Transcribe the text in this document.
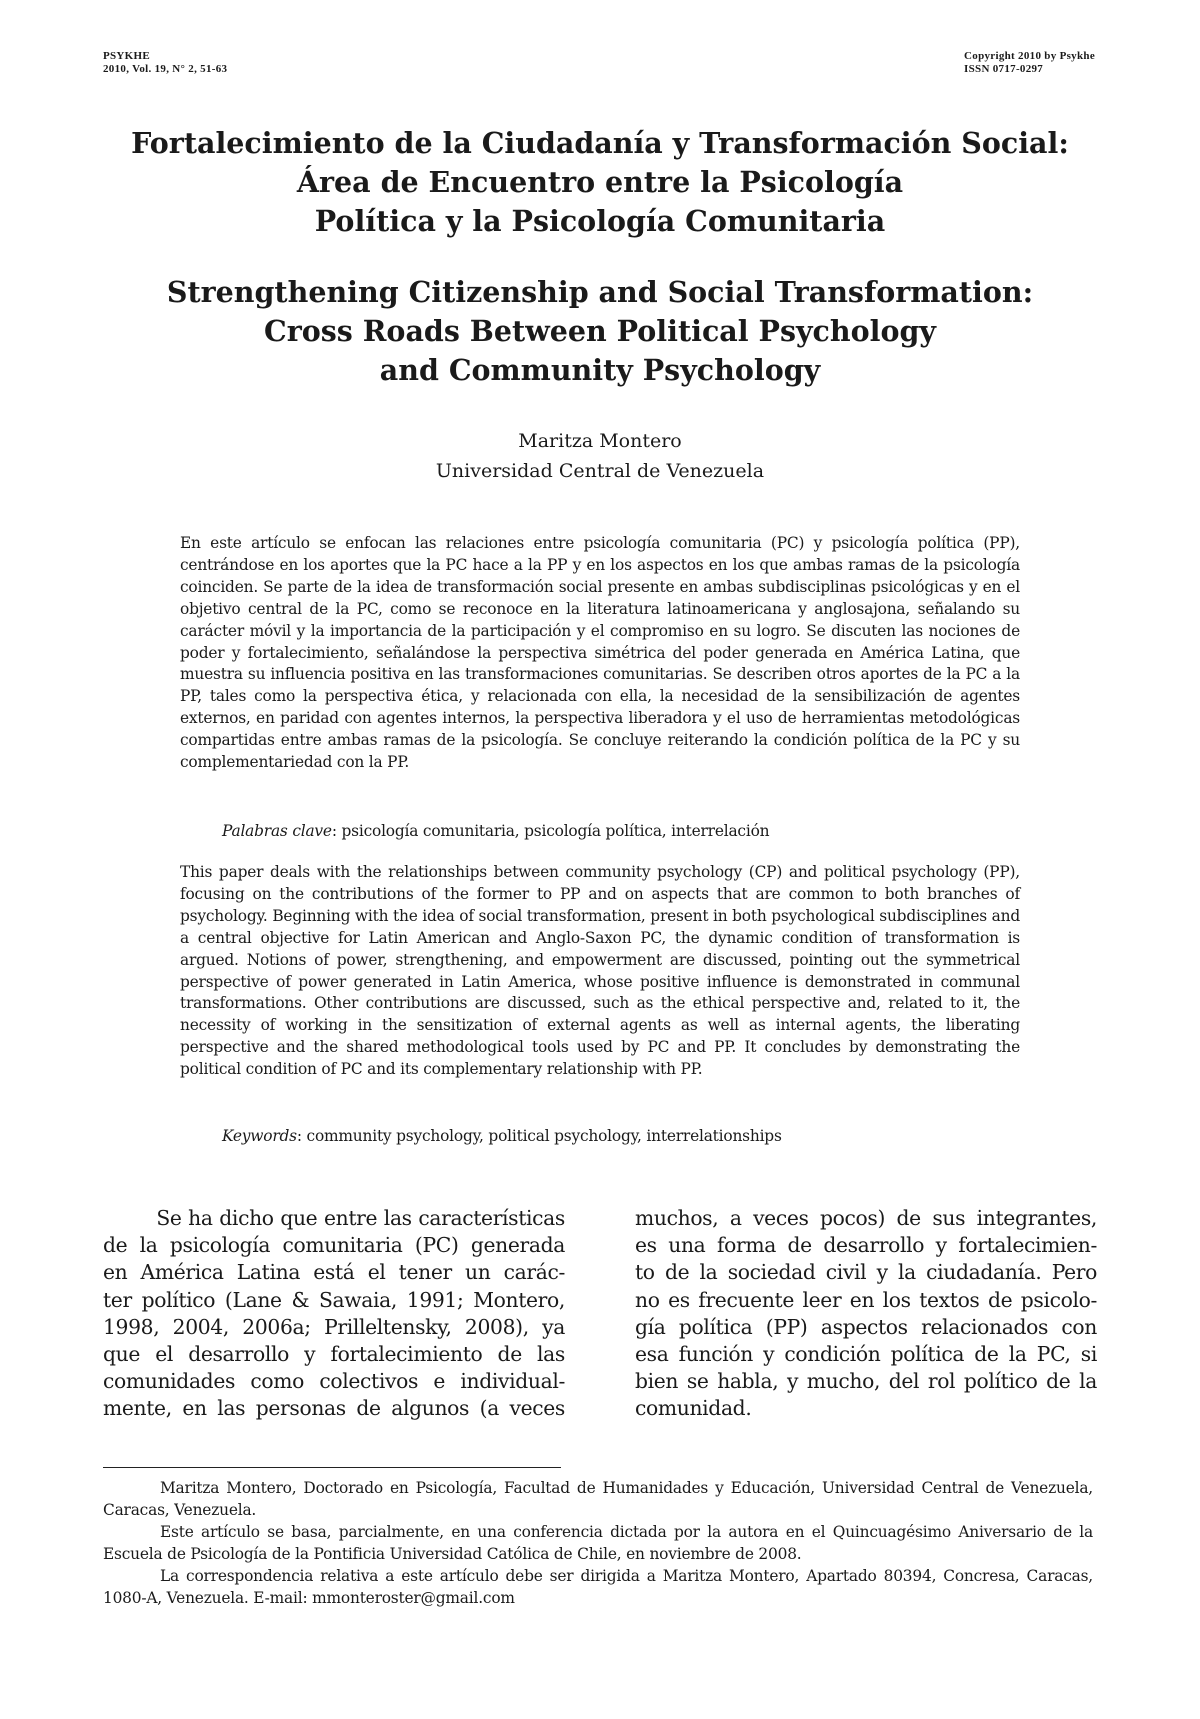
PSYKHE
2010, Vol. 19, N° 2, 51-63
Copyright 2010 by Psykhe
ISSN 0717-0297
Fortalecimiento de la Ciudadanía y Transformación Social:
Área de Encuentro entre la Psicología
Política y la Psicología Comunitaria
Strengthening Citizenship and Social Transformation:
Cross Roads Between Political Psychology
and Community Psychology
Maritza Montero
Universidad Central de Venezuela
En este artículo se enfocan las relaciones entre psicología comunitaria (PC) y psicología política (PP), centrándose en los aportes que la PC hace a la PP y en los aspectos en los que ambas ramas de la psicología coinciden. Se parte de la idea de transformación social presente en ambas subdisciplinas psicológicas y en el objetivo central de la PC, como se reconoce en la literatura latinoamericana y anglosajona, señalando su carácter móvil y la importancia de la participación y el compromiso en su logro. Se discuten las nociones de poder y fortalecimiento, señalándose la perspectiva simétrica del poder generada en América Latina, que muestra su influencia positiva en las transformaciones comunitarias. Se describen otros aportes de la PC a la PP, tales como la perspectiva ética, y relacionada con ella, la necesidad de la sensibilización de agentes externos, en paridad con agentes internos, la perspectiva liberadora y el uso de herramientas metodológicas compartidas entre ambas ramas de la psicología. Se concluye reiterando la condición política de la PC y su complementariedad con la PP.
Palabras clave: psicología comunitaria, psicología política, interrelación
This paper deals with the relationships between community psychology (CP) and political psychology (PP), focusing on the contributions of the former to PP and on aspects that are common to both branches of psychology. Beginning with the idea of social transformation, present in both psychological subdisciplines and a central objective for Latin American and Anglo-Saxon PC, the dynamic condition of transformation is argued. Notions of power, strengthening, and empowerment are discussed, pointing out the symmetrical perspective of power generated in Latin America, whose positive influence is demonstrated in communal transformations. Other contributions are discussed, such as the ethical perspective and, related to it, the necessity of working in the sensitization of external agents as well as internal agents, the liberating perspective and the shared methodological tools used by PC and PP. It concludes by demonstrating the political condition of PC and its complementary relationship with PP.
Keywords: community psychology, political psychology, interrelationships
Se ha dicho que entre las características
de la psicología comunitaria (PC) generada
en América Latina está el tener un carác-
ter político (Lane & Sawaia, 1991; Montero,
1998, 2004, 2006a; Prilleltensky, 2008), ya
que el desarrollo y fortalecimiento de las
comunidades como colectivos e individual-
mente, en las personas de algunos (a veces
muchos, a veces pocos) de sus integrantes,
es una forma de desarrollo y fortalecimien-
to de la sociedad civil y la ciudadanía. Pero
no es frecuente leer en los textos de psicolo-
gía política (PP) aspectos relacionados con
esa función y condición política de la PC, si
bien se habla, y mucho, del rol político de la
comunidad.

Maritza Montero, Doctorado en Psicología, Facultad de Humanidades y Educación, Universidad Central de Venezuela, Caracas, Venezuela.

Este artículo se basa, parcialmente, en una conferencia dictada por la autora en el Quincuagésimo Aniversario de la Escuela de Psicología de la Pontificia Universidad Católica de Chile, en noviembre de 2008.

La correspondencia relativa a este artículo debe ser dirigida a Maritza Montero, Apartado 80394, Concresa, Caracas, 1080-A, Venezuela. E-mail: mmonteroster@gmail.com
